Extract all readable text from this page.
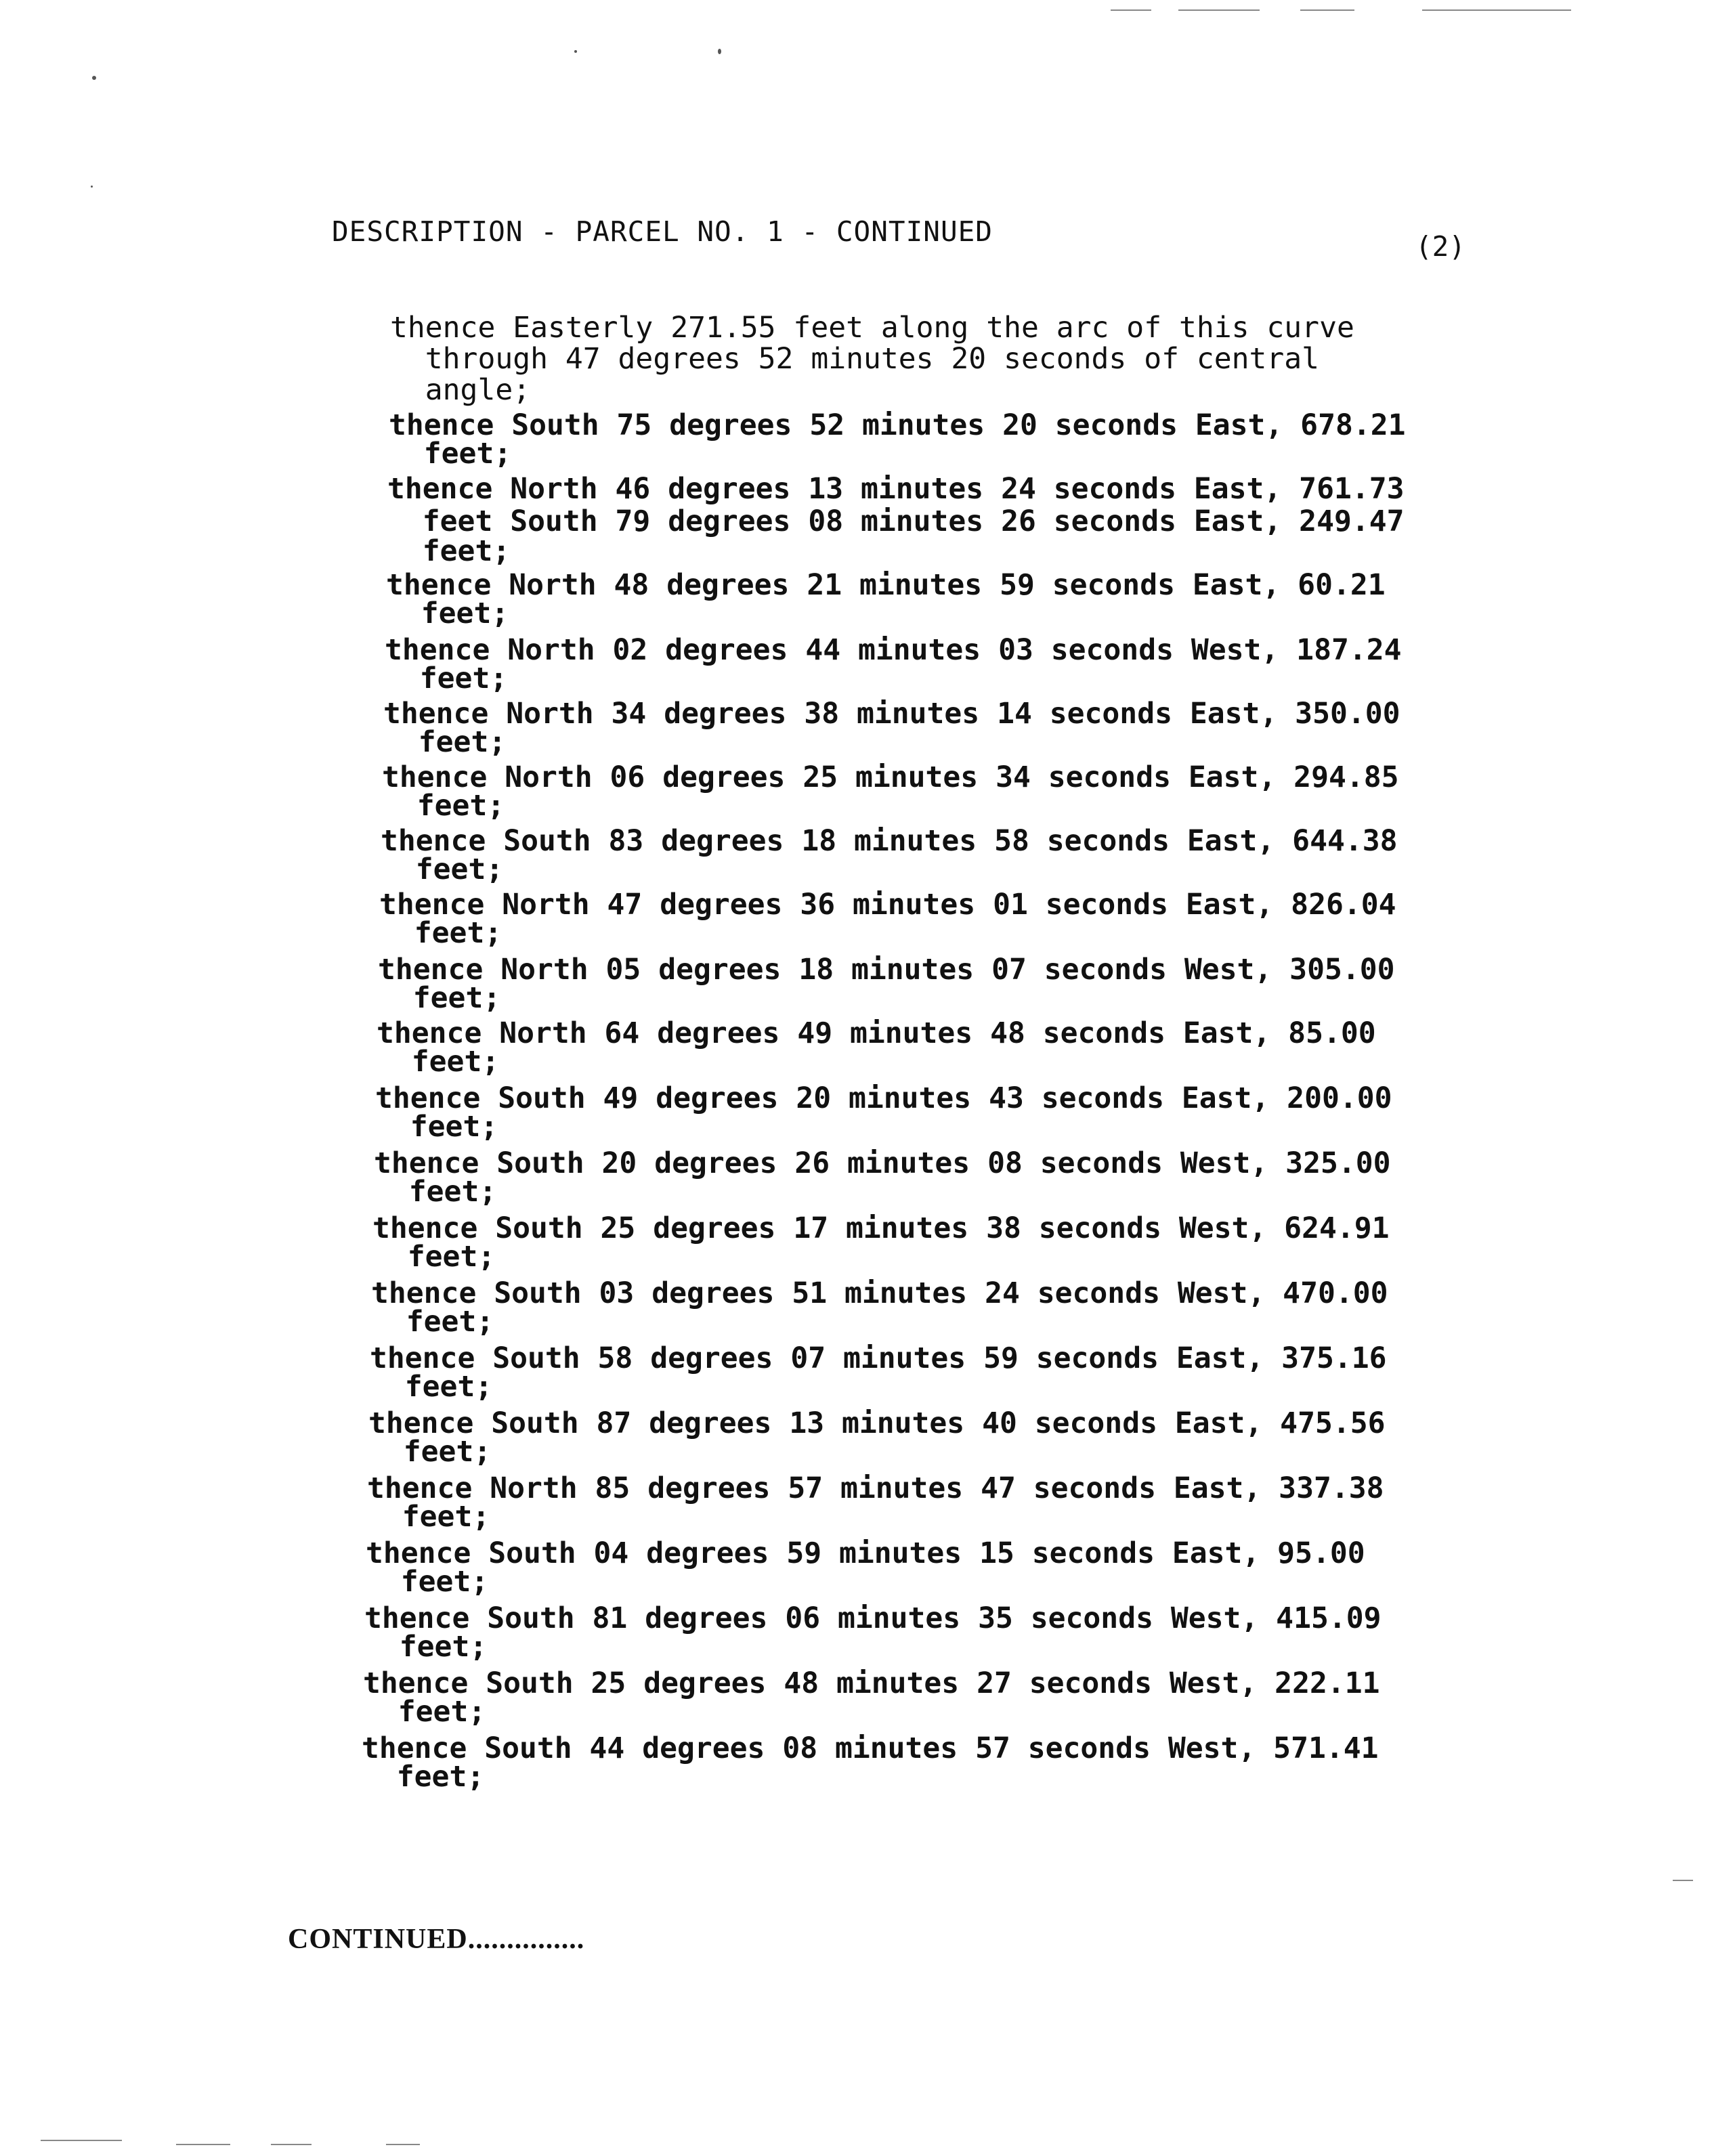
DESCRIPTION - PARCEL NO. 1 - CONTINUED	(2)
thence Easterly 271.55 feet along the arc of this curve
through 47 degrees 52 minutes 20 seconds of central
angle;
thence South 75 degrees 52 minutes 20 seconds East, 678.21
feet;
thence North 46 degrees 13 minutes 24 seconds East, 761.73
feet South 79 degrees 08 minutes 26 seconds East, 249.47
feet;
thence North 48 degrees 21 minutes 59 seconds East, 60.21
feet;
thence North 02 degrees 44 minutes 03 seconds West, 187.24
feet;
thence North 34 degrees 38 minutes 14 seconds East, 350.00
feet;
thence North 06 degrees 25 minutes 34 seconds East, 294.85
feet;
thence South 83 degrees 18 minutes 58 seconds East, 644.38
feet;
thence North 47 degrees 36 minutes 01 seconds East, 826.04
feet;
thence North 05 degrees 18 minutes 07 seconds West, 305.00
feet;
thence North 64 degrees 49 minutes 48 seconds East, 85.00
feet;
thence South 49 degrees 20 minutes 43 seconds East, 200.00
feet;
thence South 20 degrees 26 minutes 08 seconds West, 325.00
feet;
thence South 25 degrees 17 minutes 38 seconds West, 624.91
feet;
thence South 03 degrees 51 minutes 24 seconds West, 470.00
feet;
thence South 58 degrees 07 minutes 59 seconds East, 375.16
feet;
thence South 87 degrees 13 minutes 40 seconds East, 475.56
feet;
thence North 85 degrees 57 minutes 47 seconds East, 337.38
feet;
thence South 04 degrees 59 minutes 15 seconds East, 95.00
feet;
thence South 81 degrees 06 minutes 35 seconds West, 415.09
feet;
thence South 25 degrees 48 minutes 27 seconds West, 222.11
feet;
thence South 44 degrees 08 minutes 57 seconds West, 571.41
feet;
CONTINUED...............
